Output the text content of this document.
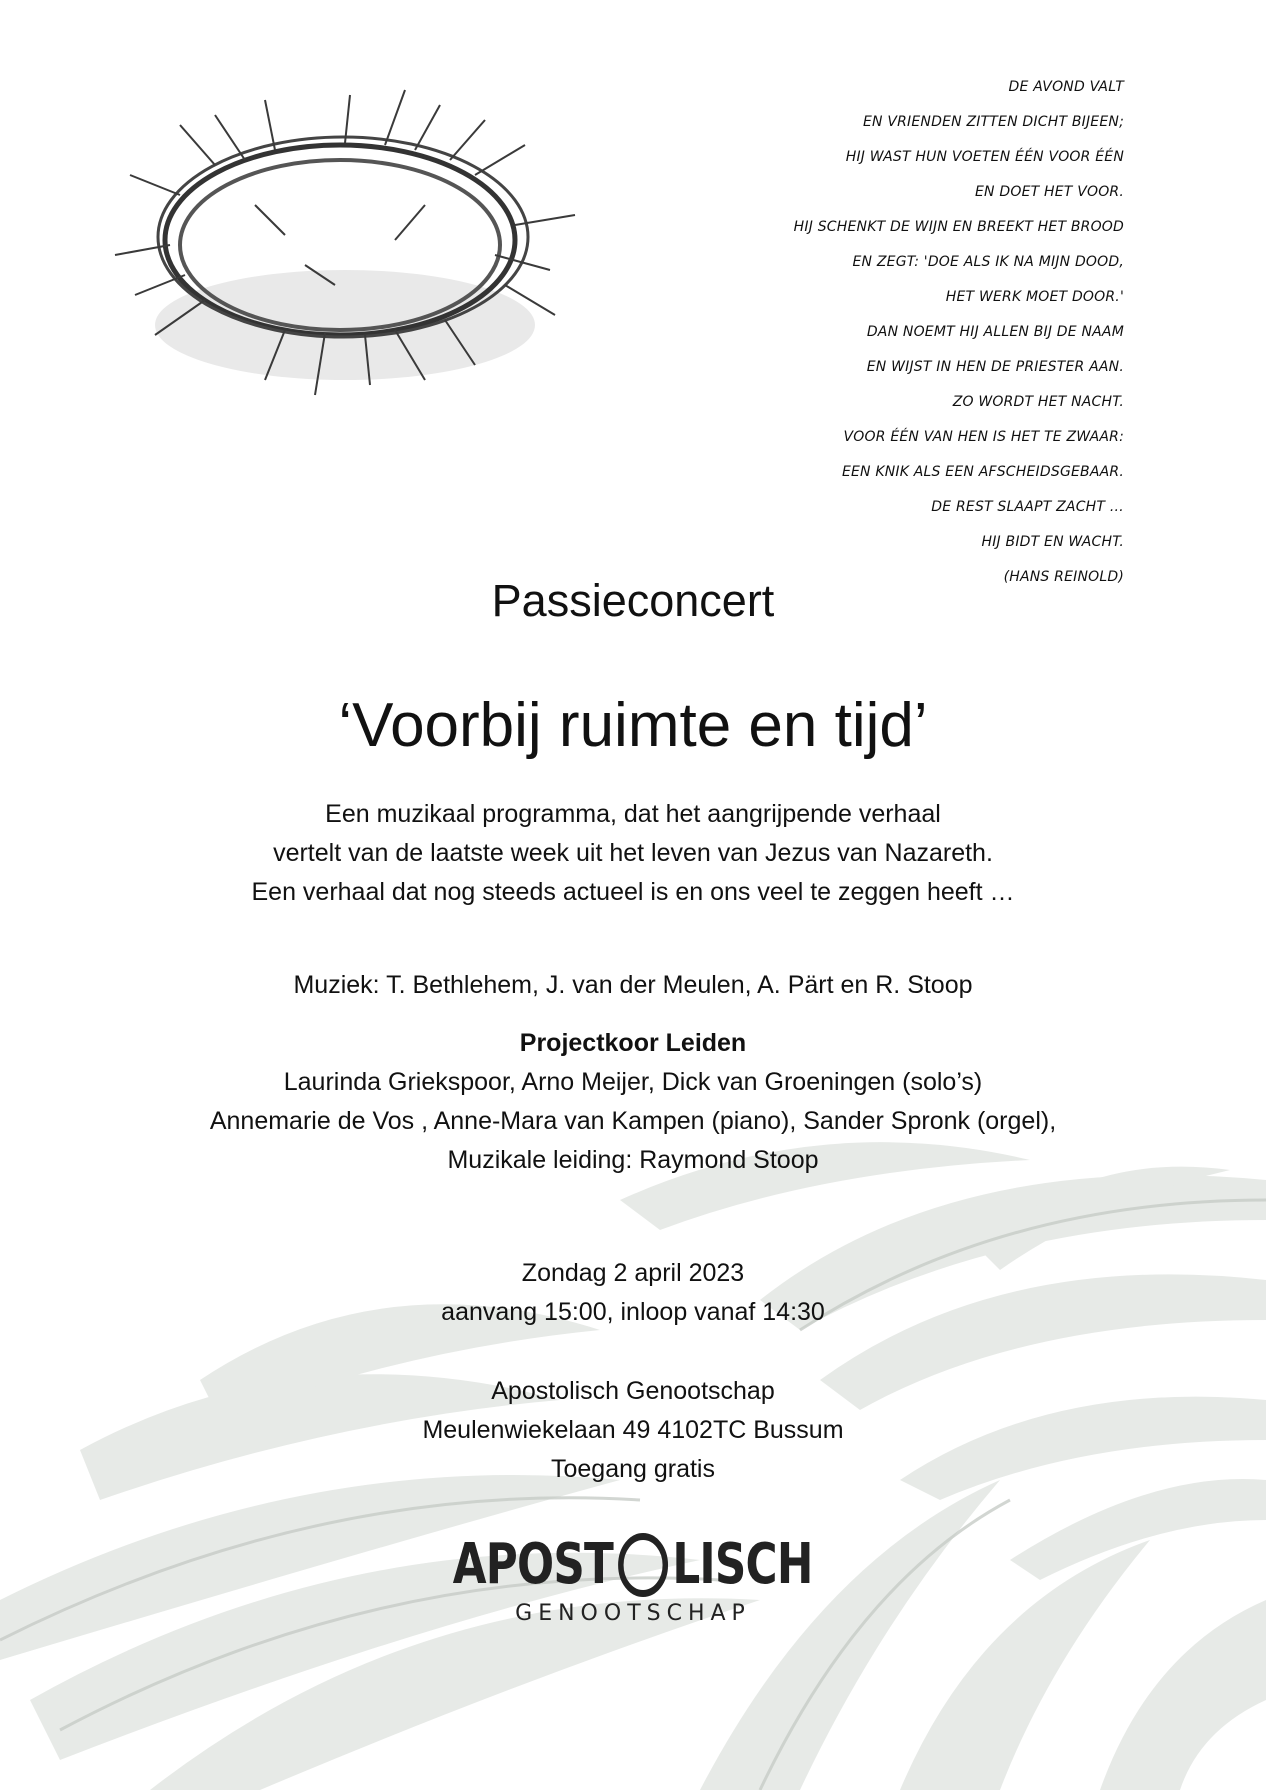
DE AVOND VALT
EN VRIENDEN ZITTEN DICHT BIJEEN;
HIJ WAST HUN VOETEN ÉÉN VOOR ÉÉN
EN DOET HET VOOR.
HIJ SCHENKT DE WIJN EN BREEKT HET BROOD
EN ZEGT: 'DOE ALS IK NA MIJN DOOD,
HET WERK MOET DOOR.'
DAN NOEMT HIJ ALLEN BIJ DE NAAM
EN WIJST IN HEN DE PRIESTER AAN.
ZO WORDT HET NACHT.
VOOR ÉÉN VAN HEN IS HET TE ZWAAR:
EEN KNIK ALS EEN AFSCHEIDSGEBAAR.
DE REST SLAAPT ZACHT …
HIJ BIDT EN WACHT.
(HANS REINOLD)
Passieconcert
‘Voorbij ruimte en tijd’
Een muzikaal programma, dat het aangrijpende verhaal
vertelt van de laatste week uit het leven van Jezus van Nazareth.
Een verhaal dat nog steeds actueel is en ons veel te zeggen heeft …
Muziek: T. Bethlehem, J. van der Meulen, A. Pärt en R. Stoop
Projectkoor Leiden
Laurinda Griekspoor, Arno Meijer, Dick van Groeningen (solo’s)
Annemarie de Vos , Anne-Mara van Kampen (piano), Sander Spronk (orgel),
Muzikale leiding: Raymond Stoop
Zondag 2 april 2023
aanvang 15:00, inloop vanaf 14:30
Apostolisch Genootschap
Meulenwiekelaan 49 4102TC Bussum
Toegang gratis
APOST LISCH
GENOOTSCHAP
